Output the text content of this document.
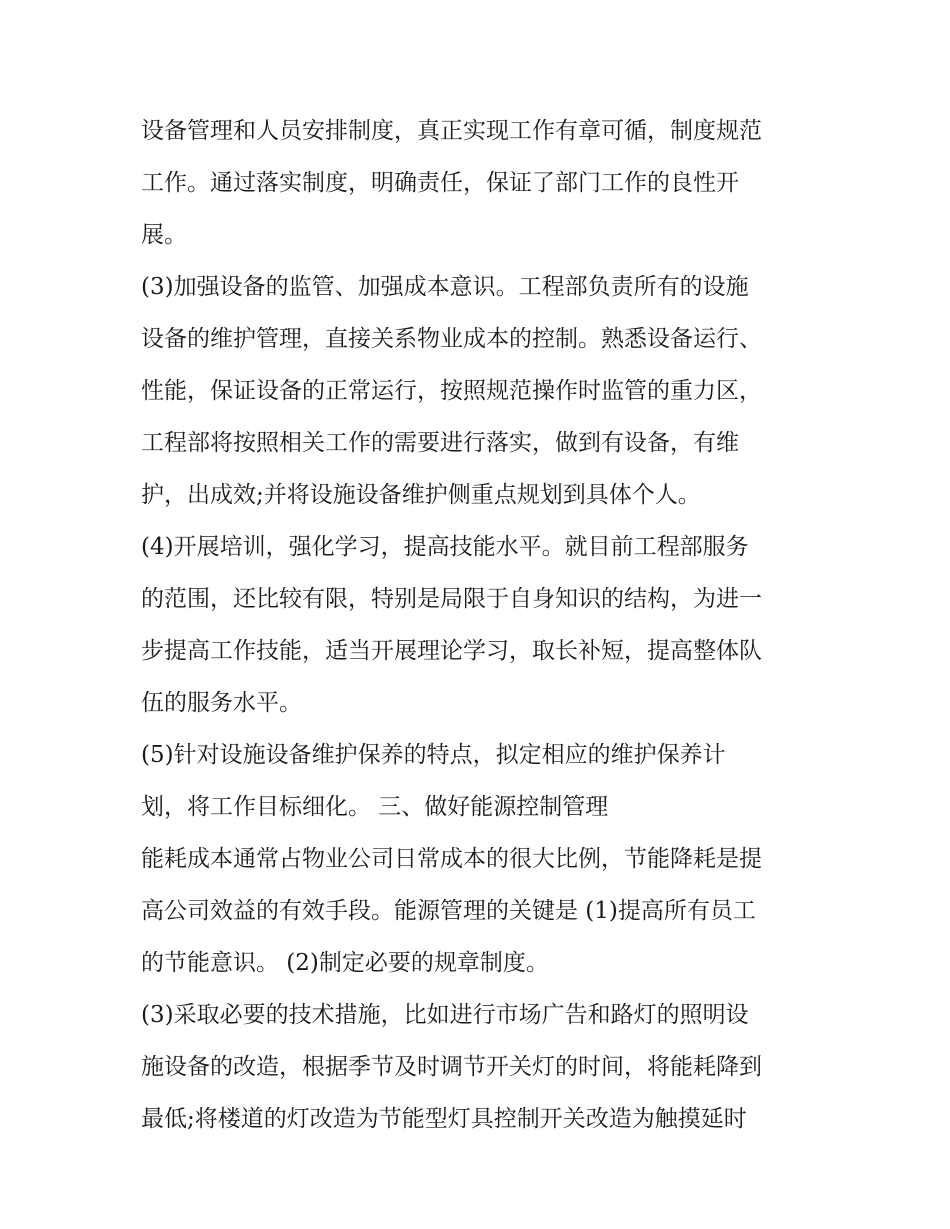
设备管理和人员安排制度，真正实现工作有章可循，制度规范
工作。通过落实制度，明确责任，保证了部门工作的良性开
展。
(3)加强设备的监管、加强成本意识。工程部负责所有的设施
设备的维护管理，直接关系物业成本的控制。熟悉设备运行、
性能，保证设备的正常运行，按照规范操作时监管的重力区，
工程部将按照相关工作的需要进行落实，做到有设备，有维
护，出成效;并将设施设备维护侧重点规划到具体个人。
(4)开展培训，强化学习，提高技能水平。就目前工程部服务
的范围，还比较有限，特别是局限于自身知识的结构，为进一
步提高工作技能，适当开展理论学习，取长补短，提高整体队
伍的服务水平。
(5)针对设施设备维护保养的特点，拟定相应的维护保养计
划，将工作目标细化。 三、做好能源控制管理
能耗成本通常占物业公司日常成本的很大比例，节能降耗是提
高公司效益的有效手段。能源管理的关键是 (1)提高所有员工
的节能意识。 (2)制定必要的规章制度。
(3)采取必要的技术措施，比如进行市场广告和路灯的照明设
施设备的改造，根据季节及时调节开关灯的时间，将能耗降到
最低;将楼道的灯改造为节能型灯具控制开关改造为触摸延时
